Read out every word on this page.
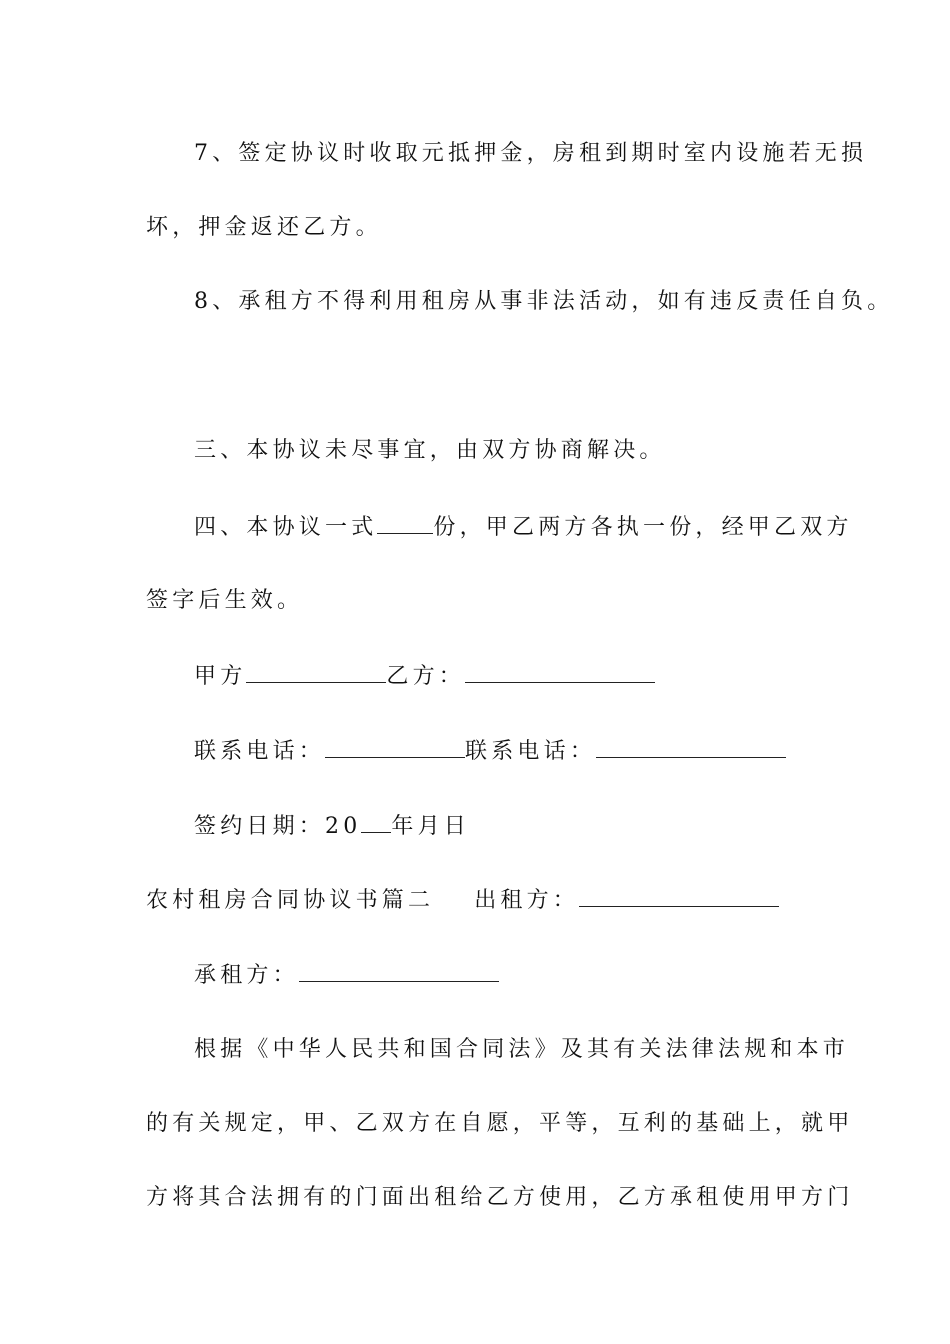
7、签定协议时收取元抵押金，房租到期时室内设施若无损
坏，押金返还乙方。
8、承租方不得利用租房从事非法活动，如有违反责任自负。
三、本协议未尽事宜，由双方协商解决。
四、本协议一式	份，甲乙两方各执一份，经甲乙双方
签字后生效。
甲方	乙方：
联系电话：	联系电话：
签约日期：20 年月日
农村租房合同协议书篇二 出租方：
承租方：
根据《中华人民共和国合同法》及其有关法律法规和本市
的有关规定，甲、乙双方在自愿，平等，互利的基础上，就甲
方将其合法拥有的门面出租给乙方使用，乙方承租使用甲方门
